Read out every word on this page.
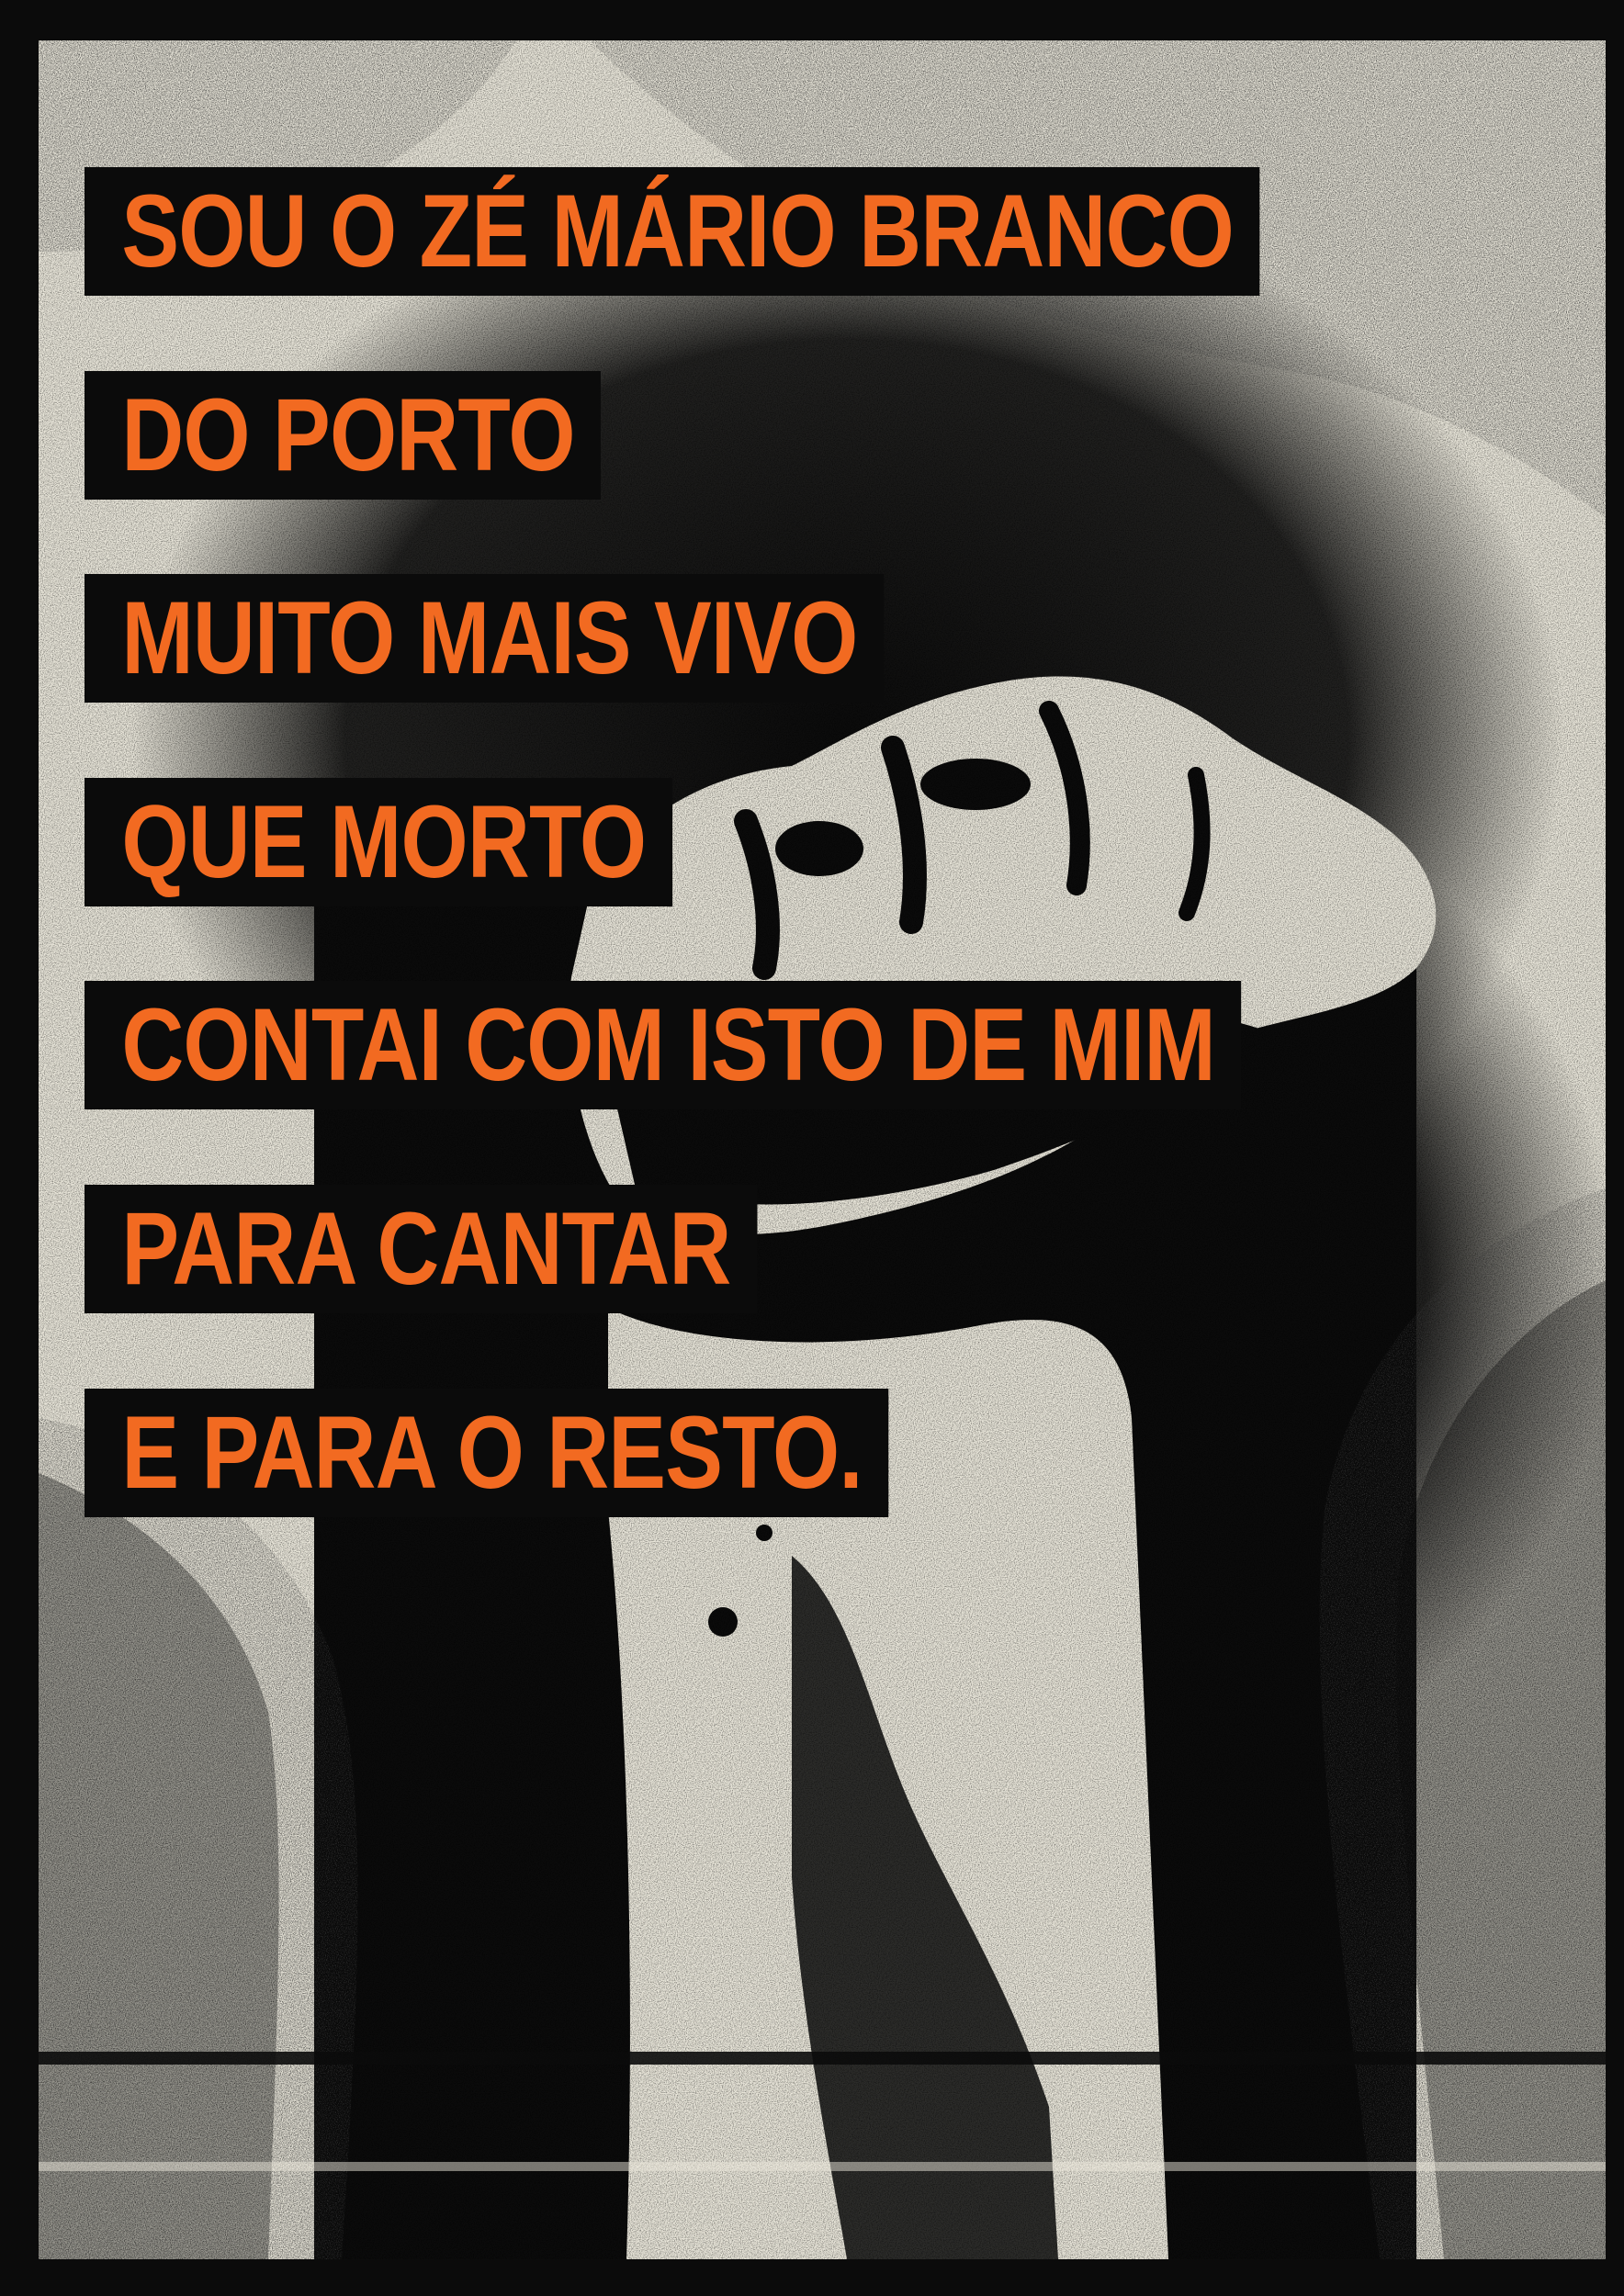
SOU O ZÉ MÁRIO BRANCO
DO PORTO
MUITO MAIS VIVO
QUE MORTO
CONTAI COM ISTO DE MIM
PARA CANTAR
E PARA O RESTO.
